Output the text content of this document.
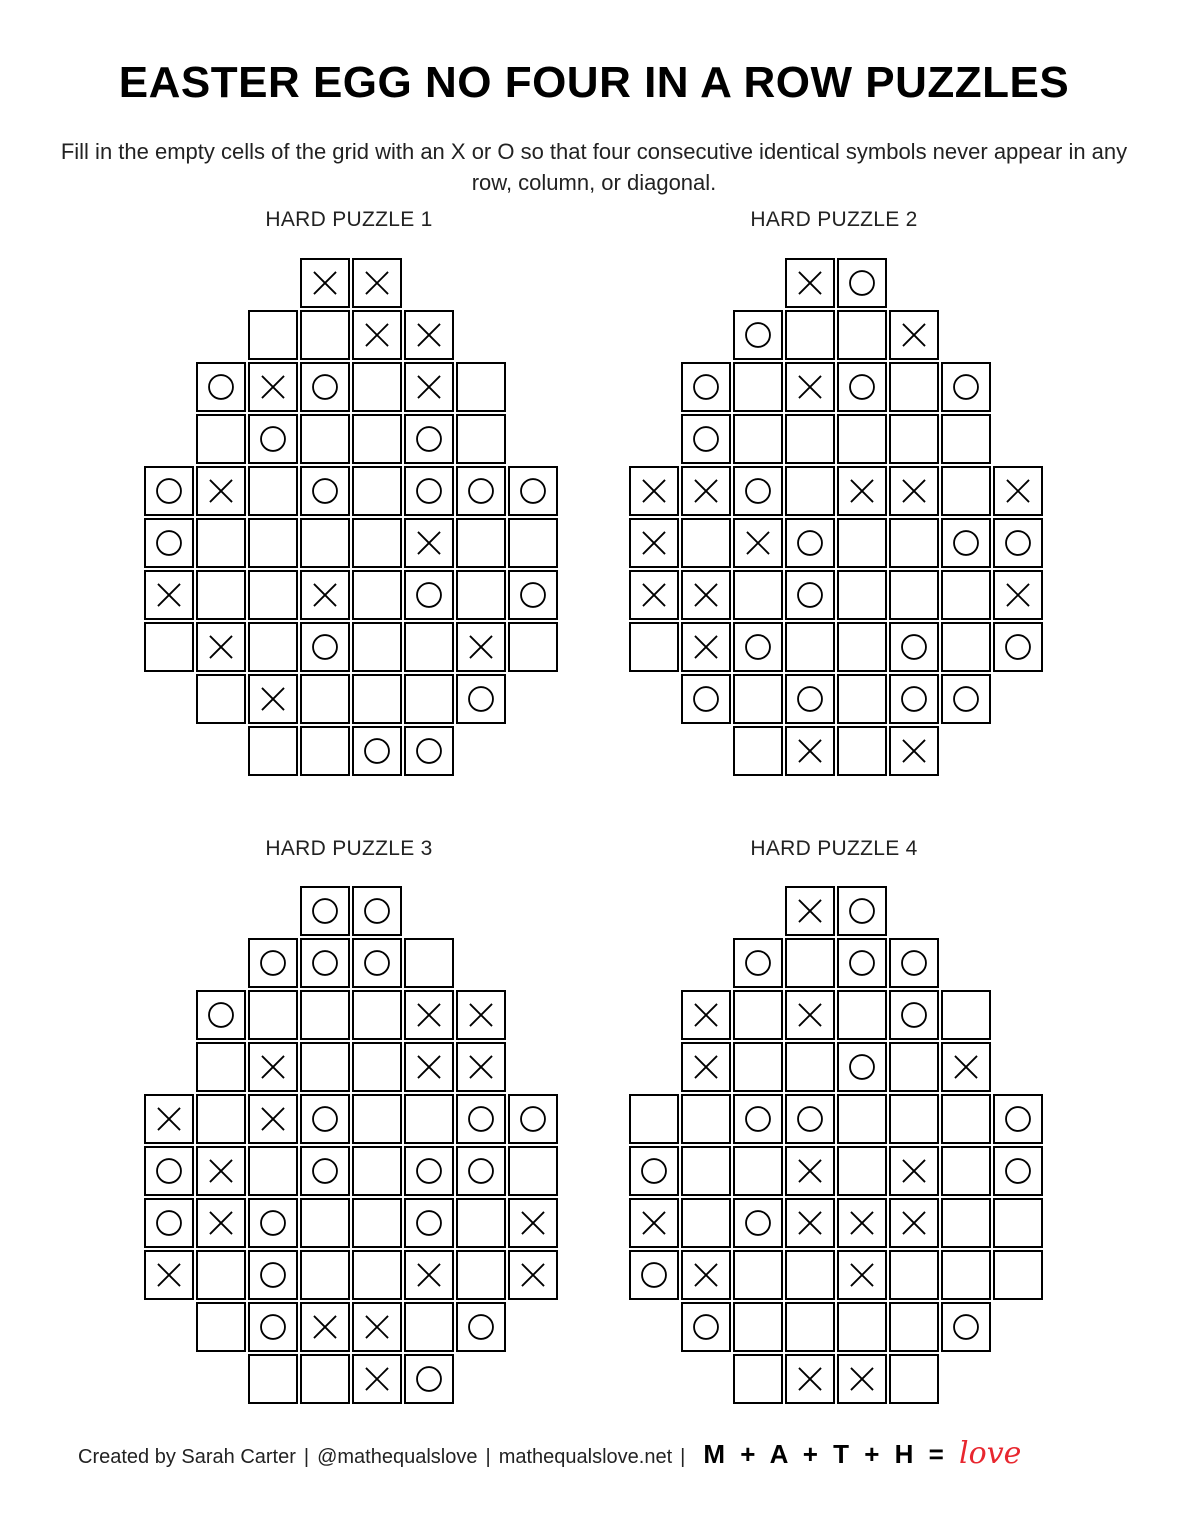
EASTER EGG NO FOUR IN A ROW PUZZLES
Fill in the empty cells of the grid with an X or O so that four consecutive identical symbols never appear in any row, column, or diagonal.
HARD PUZZLE 1	HARD PUZZLE 2
HARD PUZZLE 3	HARD PUZZLE 4
Created by Sarah Carter | @mathequalslove | mathequalslove.net | M + A + T + H = love
